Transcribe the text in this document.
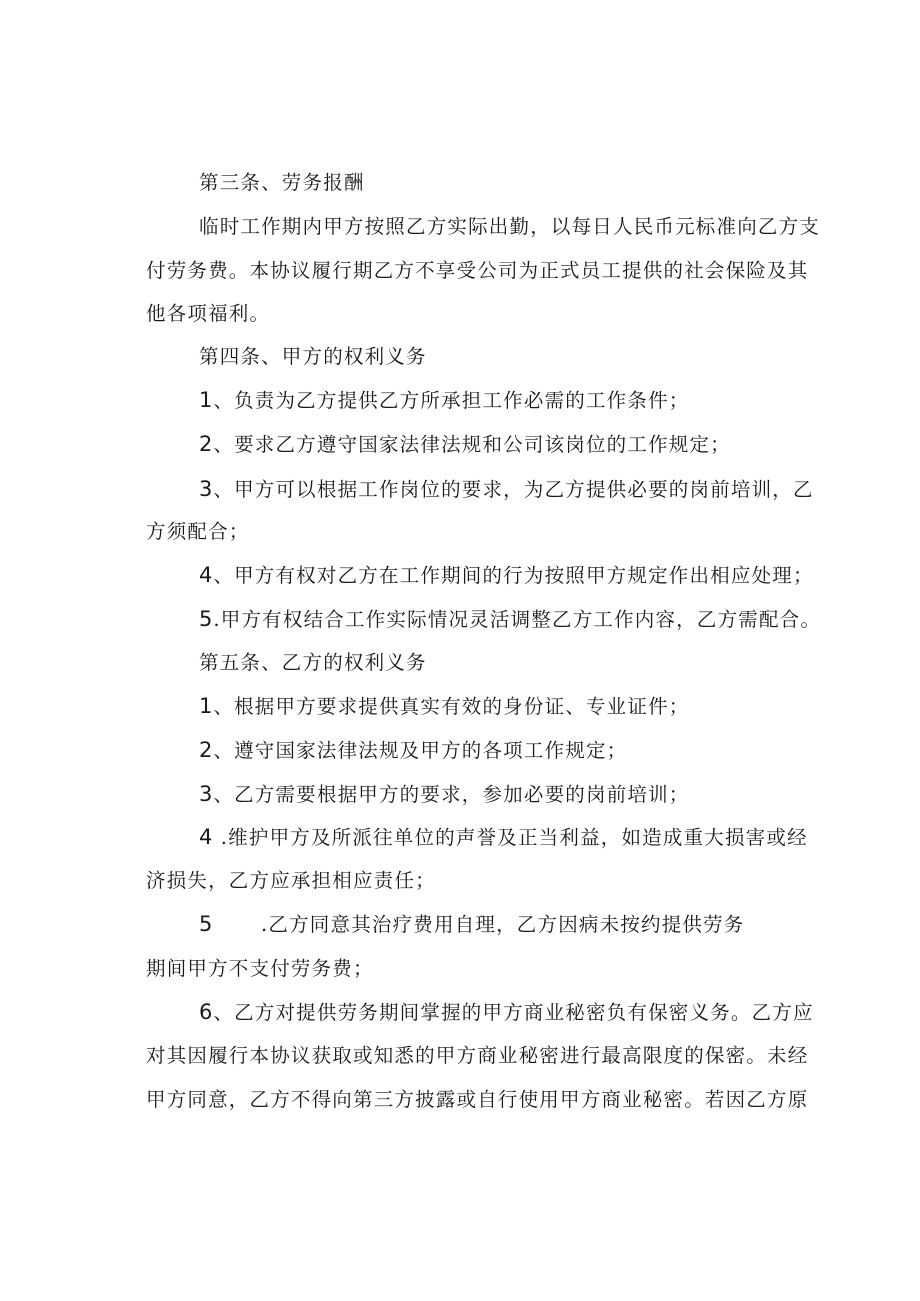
第三条、劳务报酬
临时工作期内甲方按照乙方实际出勤，以每日人民币元标准向乙方支
付劳务费。本协议履行期乙方不享受公司为正式员工提供的社会保险及其
他各项福利。
第四条、甲方的权利义务
1、负责为乙方提供乙方所承担工作必需的工作条件；
2、要求乙方遵守国家法律法规和公司该岗位的工作规定；
3、甲方可以根据工作岗位的要求，为乙方提供必要的岗前培训，乙
方须配合；
4、甲方有权对乙方在工作期间的行为按照甲方规定作出相应处理；
5.甲方有权结合工作实际情况灵活调整乙方工作内容，乙方需配合。
第五条、乙方的权利义务
1、根据甲方要求提供真实有效的身份证、专业证件；
2、遵守国家法律法规及甲方的各项工作规定；
3、乙方需要根据甲方的要求，参加必要的岗前培训；
4 .维护甲方及所派往单位的声誉及正当利益，如造成重大损害或经
济损失，乙方应承担相应责任；
5 .乙方同意其治疗费用自理，乙方因病未按约提供劳务
期间甲方不支付劳务费；
6、乙方对提供劳务期间掌握的甲方商业秘密负有保密义务。乙方应
对其因履行本协议获取或知悉的甲方商业秘密进行最高限度的保密。未经
甲方同意，乙方不得向第三方披露或自行使用甲方商业秘密。若因乙方原
